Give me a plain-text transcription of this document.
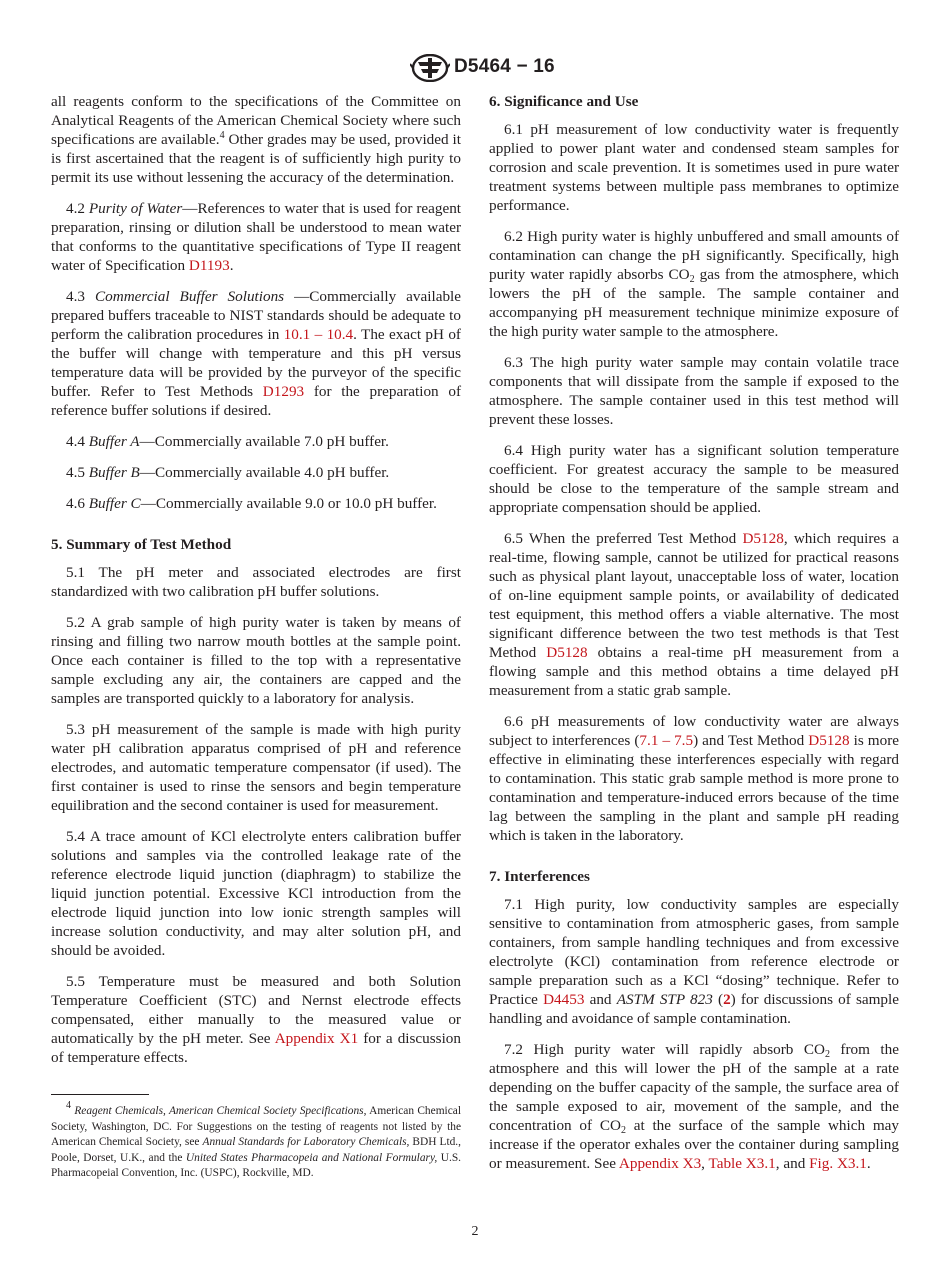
D5464 − 16

all reagents conform to the specifications of the Committee on Analytical Reagents of the American Chemical Society where such specifications are available.$^4$ Other grades may be used, provided it is first ascertained that the reagent is of sufficiently high purity to permit its use without lessening the accuracy of the determination.

4.2 Purity of Water—References to water that is used for reagent preparation, rinsing or dilution shall be understood to mean water that conforms to the quantitative specifications of Type II reagent water of Specification D1193.

4.3 Commercial Buffer Solutions —Commercially available prepared buffers traceable to NIST standards should be adequate to perform the calibration procedures in 10.1 – 10.4. The exact pH of the buffer will change with temperature and this pH versus temperature data will be provided by the purveyor of the specific buffer. Refer to Test Methods D1293 for the preparation of reference buffer solutions if desired.

4.4 Buffer A—Commercially available 7.0 pH buffer.

4.5 Buffer B—Commercially available 4.0 pH buffer.

4.6 Buffer C—Commercially available 9.0 or 10.0 pH buffer.

5. Summary of Test Method

5.1 The pH meter and associated electrodes are first standardized with two calibration pH buffer solutions.

5.2 A grab sample of high purity water is taken by means of rinsing and filling two narrow mouth bottles at the sample point. Once each container is filled to the top with a representative sample excluding any air, the containers are capped and the samples are transported quickly to a laboratory for analysis.

5.3 pH measurement of the sample is made with high purity water pH calibration apparatus comprised of pH and reference electrodes, and automatic temperature compensator (if used). The first container is used to rinse the sensors and begin temperature equilibration and the second container is used for measurement.

5.4 A trace amount of KCl electrolyte enters calibration buffer solutions and samples via the controlled leakage rate of the reference electrode liquid junction (diaphragm) to stabilize the liquid junction potential. Excessive KCl introduction from the electrode liquid junction into low ionic strength samples will increase solution conductivity, and may alter solution pH, and should be avoided.

5.5 Temperature must be measured and both Solution Temperature Coefficient (STC) and Nernst electrode effects compensated, either manually to the measured value or automatically by the pH meter. See Appendix X1 for a discussion of temperature effects.

$^4$ Reagent Chemicals, American Chemical Society Specifications, American Chemical Society, Washington, DC. For Suggestions on the testing of reagents not listed by the American Chemical Society, see Annual Standards for Laboratory Chemicals, BDH Ltd., Poole, Dorset, U.K., and the United States Pharmacopeia and National Formulary, U.S. Pharmacopeial Convention, Inc. (USPC), Rockville, MD.
6. Significance and Use

6.1 pH measurement of low conductivity water is frequently applied to power plant water and condensed steam samples for corrosion and scale prevention. It is sometimes used in pure water treatment systems between multiple pass membranes to optimize performance.

6.2 High purity water is highly unbuffered and small amounts of contamination can change the pH significantly. Specifically, high purity water rapidly absorbs $CO_2$ gas from the atmosphere, which lowers the pH of the sample. The sample container and accompanying pH measurement technique minimize exposure of the high purity water sample to the atmosphere.

6.3 The high purity water sample may contain volatile trace components that will dissipate from the sample if exposed to the atmosphere. The sample container used in this test method will prevent these losses.

6.4 High purity water has a significant solution temperature coefficient. For greatest accuracy the sample to be measured should be close to the temperature of the sample stream and appropriate compensation should be applied.

6.5 When the preferred Test Method D5128, which requires a real-time, flowing sample, cannot be utilized for practical reasons such as physical plant layout, unacceptable loss of water, location of on-line equipment sample points, or availability of dedicated test equipment, this method offers a viable alternative. The most significant difference between the two test methods is that Test Method D5128 obtains a real-time pH measurement from a flowing sample and this method obtains a time delayed pH measurement from a static grab sample.

6.6 pH measurements of low conductivity water are always subject to interferences (7.1 – 7.5) and Test Method D5128 is more effective in eliminating these interferences especially with regard to contamination. This static grab sample method is more prone to contamination and temperature-induced errors because of the time lag between the sampling in the plant and sample pH reading which is taken in the laboratory.

7. Interferences

7.1 High purity, low conductivity samples are especially sensitive to contamination from atmospheric gases, from sample containers, from sample handling techniques and from excessive electrolyte (KCl) contamination from reference electrode or sample preparation such as a KCl “dosing” technique. Refer to Practice D4453 and ASTM STP 823 (2) for discussions of sample handling and avoidance of sample contamination.

7.2 High purity water will rapidly absorb $CO_2$ from the atmosphere and this will lower the pH of the sample at a rate depending on the buffer capacity of the sample, the surface area of the sample exposed to air, movement of the sample, and the concentration of $CO_2$ at the surface of the sample which may increase if the operator exhales over the container during sampling or measurement. See Appendix X3, Table X3.1, and Fig. X3.1.

2
